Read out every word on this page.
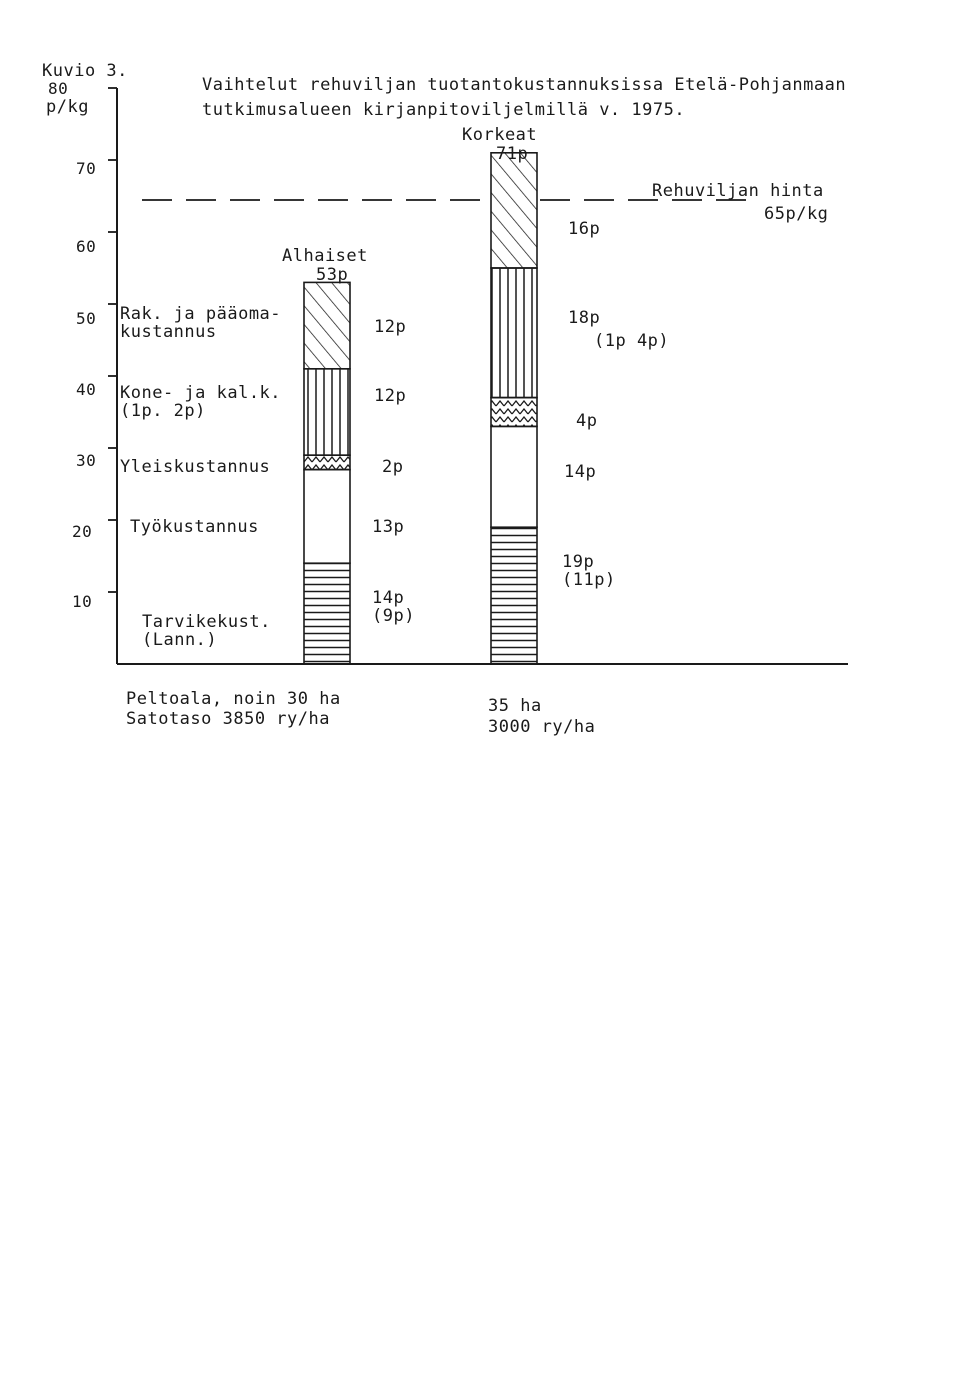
Kuvio 3.
Vaihtelut rehuviljan tuotantokustannuksissa Etelä-Pohjanmaan
tutkimusalueen kirjanpitoviljelmillä v. 1975.
p/kg
80
70
60
50
40
30
20
10
Rak. ja pääoma-
kustannus
Kone- ja kal.k.
(1p. 2p)
Yleiskustannus
Työkustannus
Tarvikekust.
(Lann.)
Alhaiset
53p
12p
12p
2p
13p
14p
(9p)
Korkeat
71p
16p
18p
(1p 4p)
4p
14p
19p
(11p)
Rehuviljan hinta
65p/kg
Peltoala, noin 30 ha
Satotaso 3850 ry/ha
35 ha
3000 ry/ha
